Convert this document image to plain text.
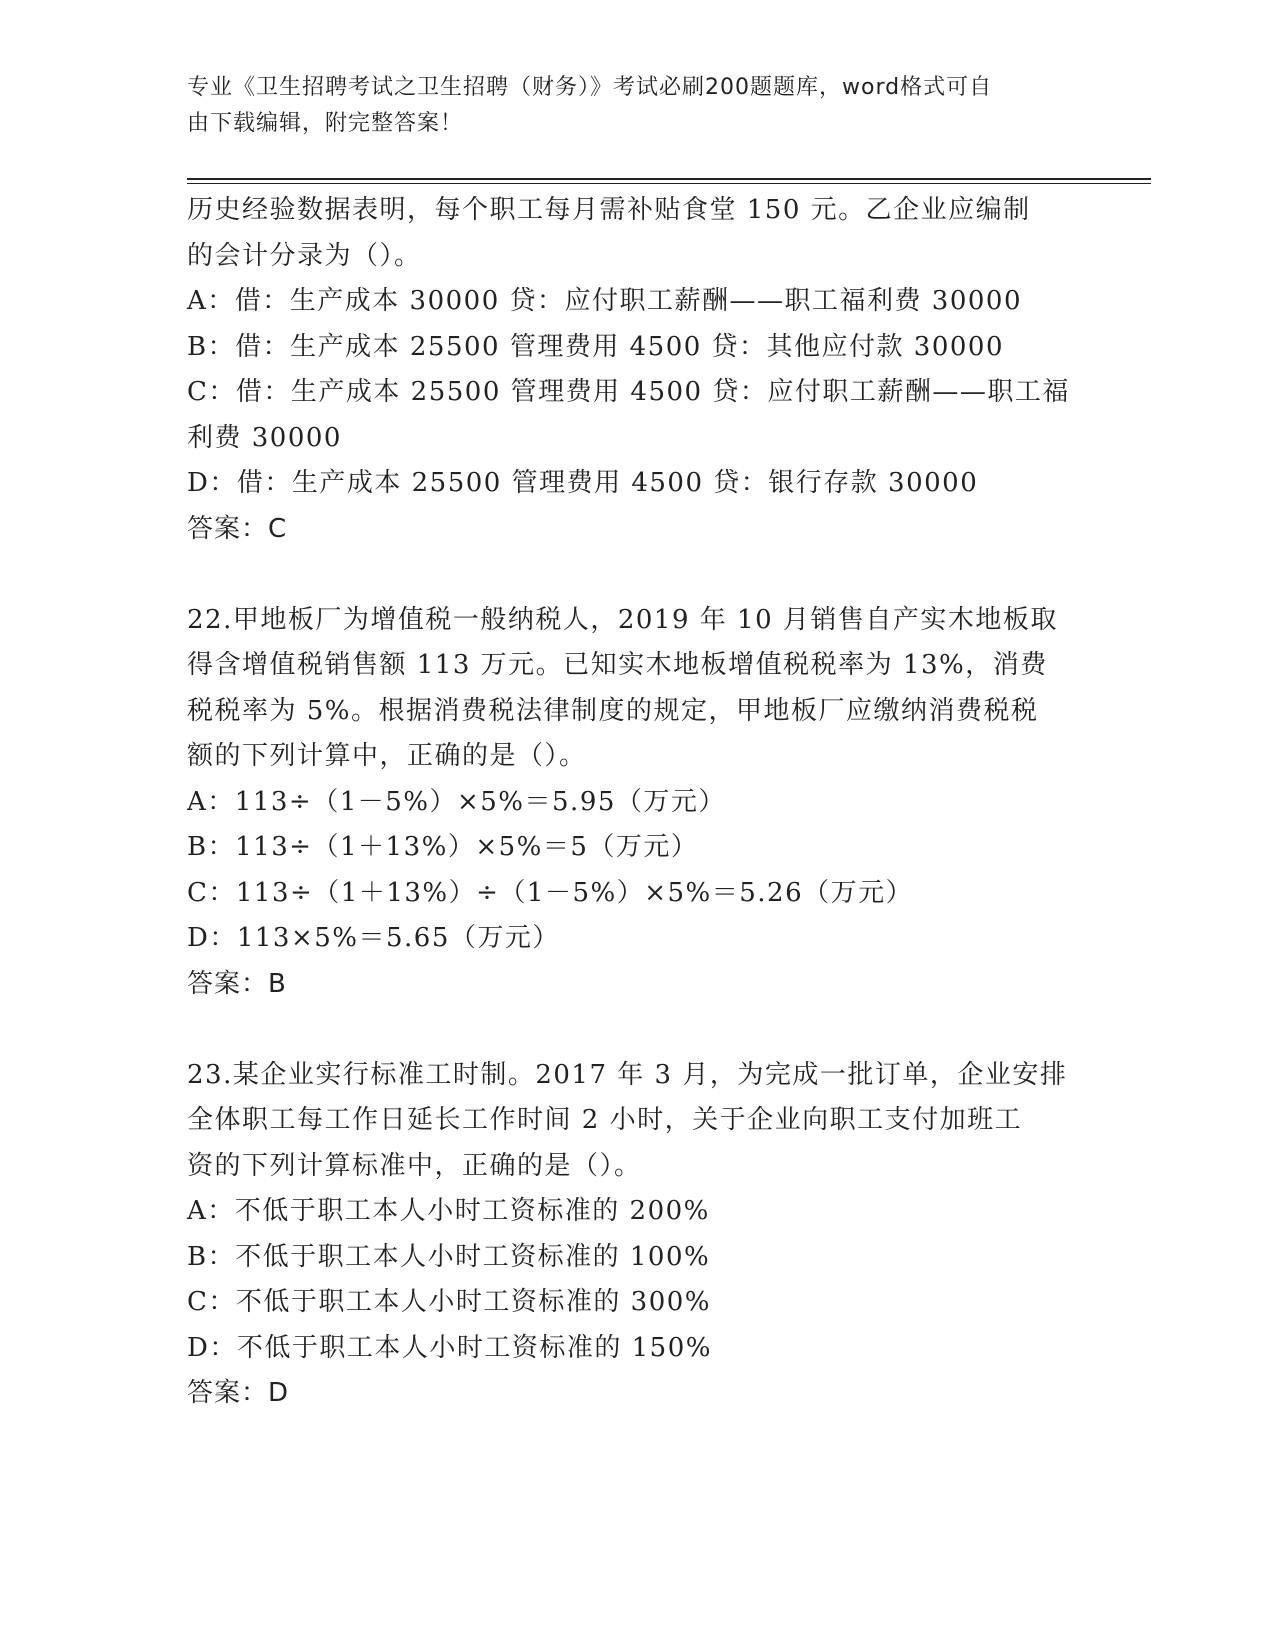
专业《卫生招聘考试之卫生招聘（财务）》考试必刷200题题库，word格式可自
由下载编辑，附完整答案！

历史经验数据表明，每个职工每月需补贴食堂 150 元。乙企业应编制

的会计分录为（）。

A：借：生产成本 30000 贷：应付职工薪酬——职工福利费 30000

B：借：生产成本 25500 管理费用 4500 贷：其他应付款 30000

C：借：生产成本 25500 管理费用 4500 贷：应付职工薪酬——职工福

利费 30000

D：借：生产成本 25500 管理费用 4500 贷：银行存款 30000

答案：C

22.甲地板厂为增值税一般纳税人，2019 年 10 月销售自产实木地板取

得含增值税销售额 113 万元。已知实木地板增值税税率为 13%，消费

税税率为 5%。根据消费税法律制度的规定，甲地板厂应缴纳消费税税

额的下列计算中，正确的是（）。

A：113÷（1－5%）×5%＝5.95（万元）

B：113÷（1＋13%）×5%＝5（万元）

C：113÷（1＋13%）÷（1－5%）×5%＝5.26（万元）

D：113×5%＝5.65（万元）

答案：B

23.某企业实行标准工时制。2017 年 3 月，为完成一批订单，企业安排

全体职工每工作日延长工作时间 2 小时，关于企业向职工支付加班工

资的下列计算标准中，正确的是（）。

A：不低于职工本人小时工资标准的 200%

B：不低于职工本人小时工资标准的 100%

C：不低于职工本人小时工资标准的 300%

D：不低于职工本人小时工资标准的 150%

答案：D
